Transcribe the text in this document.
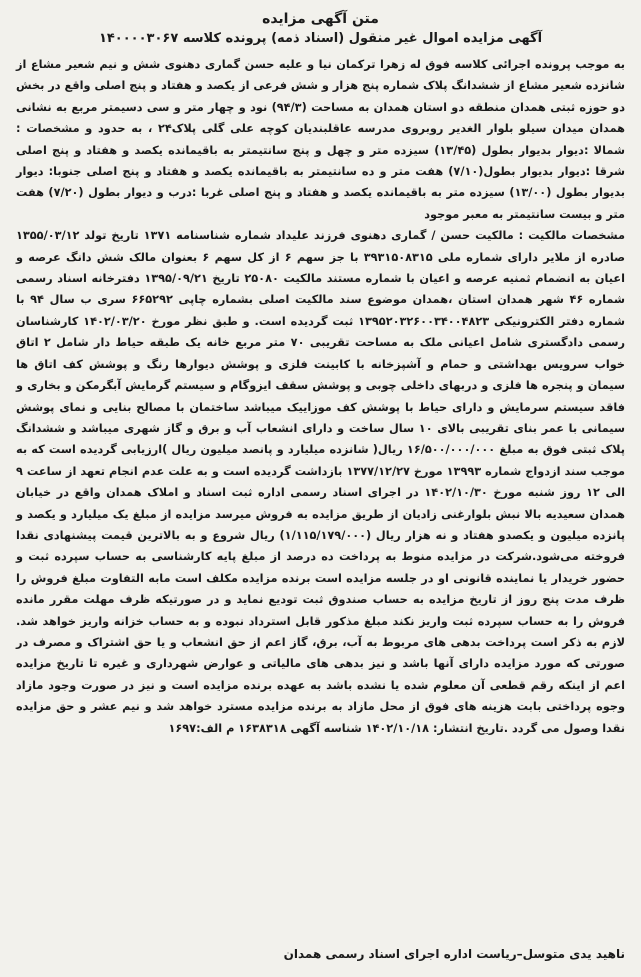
متن آگهی مزایده
آگهی مزایده اموال غیر منقول (اسناد ذمه) پرونده کلاسه ۱۴۰۰۰۰۳۰۶۷

به موجب پرونده اجرائی کلاسه فوق له زهرا ترکمان نیا و علیه حسن گماری دهنوی شش و نیم شعیر مشاع از شانزده شعیر مشاع از ششدانگ پلاک شماره پنج هزار و شش فرعی از یکصد و هفتاد و پنج اصلی واقع در بخش دو حوزه ثبتی همدان منطقه دو استان همدان به مساحت (۹۴/۳) نود و چهار متر و سی دسیمتر مربع به نشانی همدان میدان سیلو بلوار الغدیر روبروی مدرسه عاقلبندیان کوچه علی گلی پلاک۲۴ ، به حدود و مشخصات : شمالا :دیوار بدیوار بطول (۱۳/۴۵) سیزده متر و چهل و پنج سانتیمتر به باقیمانده یکصد و هفتاد و پنج اصلی شرقا :دیوار بدیوار بطول(۷/۱۰) هفت متر و ده سانتیمتر به باقیمانده یکصد و هفتاد و پنج اصلی جنوبا: دیوار بدیوار بطول (۱۳/۰۰) سیزده متر به باقیمانده یکصد و هفتاد و پنج اصلی غربا :درب و دیوار بطول (۷/۲۰) هفت متر و بیست سانتیمتر به معبر موجود

مشخصات مالکیت : مالکیت حسن / گماری دهنوی فرزند علیداد شماره شناسنامه ۱۳۷۱ تاریخ تولد ۱۳۵۵/۰۳/۱۲ صادره از ملایر دارای شماره ملی ۳۹۳۱۵۰۸۳۱۵ با جز سهم ۶ از کل سهم ۶ بعنوان مالک شش دانگ عرصه و اعیان به انضمام ثمنیه عرصه و اعیان با شماره مستند مالکیت ۲۵۰۸۰ تاریخ ۱۳۹۵/۰۹/۲۱ دفترخانه اسناد رسمی شماره ۴۶ شهر همدان استان ،همدان موضوع سند مالکیت اصلی بشماره چاپی ۶۶۵۲۹۲ سری ب سال ۹۴ با شماره دفتر الکترونیکی ۱۳۹۵۲۰۳۲۶۰۰۳۴۰۰۴۸۲۳ ثبت گردیده است. و طبق نظر مورخ ۱۴۰۲/۰۳/۲۰ کارشناسان رسمی دادگستری شامل اعیانی ملک به مساحت تقریبی ۷۰ متر مربع خانه یک طبقه حیاط دار شامل ۲ اتاق خواب سرویس بهداشتی و حمام و آشپزخانه با کابینت فلزی و پوشش دیوارها رنگ و پوشش کف اتاق ها سیمان و پنجره ها فلزی و دربهای داخلی چوبی و پوشش سقف ایزوگام و سیستم گرمایش آبگرمکن و بخاری و فاقد سیستم سرمایش و دارای حیاط با پوشش کف موزاییک میباشد ساختمان با مصالح بنایی و نمای پوشش سیمانی با عمر بنای تقریبی بالای ۱۰ سال ساخت و دارای انشعاب آب و برق و گاز شهری میباشد و ششدانگ پلاک ثبتی فوق به مبلغ ۱۶/۵۰۰/۰۰۰/۰۰۰ ریال( شانزده میلیارد و پانصد میلیون ریال )ارزیابی گردیده است که به موجب سند ازدواج شماره ۱۳۹۹۳ مورخ ۱۳۷۷/۱۲/۲۷ بازداشت گردیده است و به علت عدم انجام تعهد از ساعت ۹ الی ۱۲ روز شنبه مورخ ۱۴۰۲/۱۰/۳۰ در اجرای اسناد رسمی اداره ثبت اسناد و املاک همدان واقع در خیابان همدان سعیدیه بالا نبش بلوارغنی زادیان از طریق مزایده به فروش میرسد مزایده از مبلغ یک میلیارد و یکصد و پانزده میلیون و یکصدو هفتاد و نه هزار ریال (۱/۱۱۵/۱۷۹/۰۰۰) ریال شروع و به بالاترین قیمت پیشنهادی نقدا فروخته می‌شود.شرکت در مزایده منوط به پرداخت ده درصد از مبلغ پایه کارشناسی به حساب سپرده ثبت و حضور خریدار یا نماینده قانونی او در جلسه مزایده است برنده مزایده مکلف است مابه التفاوت مبلغ فروش را ظرف مدت پنج روز از تاریخ مزایده به حساب صندوق ثبت تودیع نماید و در صورتیکه ظرف مهلت مقرر مانده فروش را به حساب سپرده ثبت واریز نکند مبلغ مذکور قابل استرداد نبوده و به حساب خزانه واریز خواهد شد. لازم به ذکر است پرداخت بدهی های مربوط به آب، برق، گاز اعم از حق انشعاب و یا حق اشتراک و مصرف در صورتی که مورد مزایده دارای آنها باشد و نیز بدهی های مالیاتی و عوارض شهرداری و غیره تا تاریخ مزایده اعم از اینکه رقم قطعی آن معلوم شده یا نشده باشد به عهده برنده مزایده است و نیز در صورت وجود مازاد وجوه پرداختی بابت هزینه های فوق از محل مازاد به برنده مزایده مسترد خواهد شد و نیم عشر و حق مزایده نقدا وصول می گردد .تاریخ انتشار: ۱۴۰۲/۱۰/۱۸ شناسه آگهی ۱۶۳۸۳۱۸ م الف:۱۶۹۷

ناهید یدی متوسل–ریاست اداره اجرای اسناد رسمی همدان
